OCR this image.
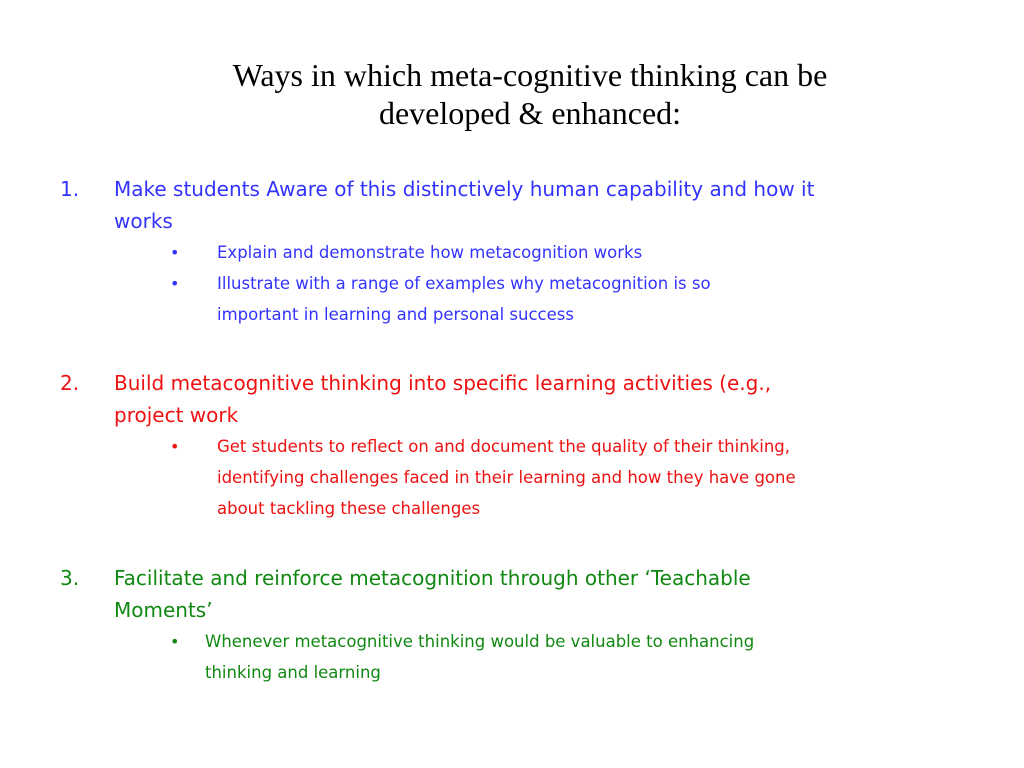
Ways in which meta-cognitive thinking can be
developed & enhanced:
1. Make students Aware of this distinctively human capability and how it
works
• Explain and demonstrate how metacognition works
• Illustrate with a range of examples why metacognition is so
important in learning and personal success
2. Build metacognitive thinking into specific learning activities (e.g.,
project work
• Get students to reflect on and document the quality of their thinking,
identifying challenges faced in their learning and how they have gone
about tackling these challenges
3. Facilitate and reinforce metacognition through other ‘Teachable
Moments’
• Whenever metacognitive thinking would be valuable to enhancing
thinking and learning
